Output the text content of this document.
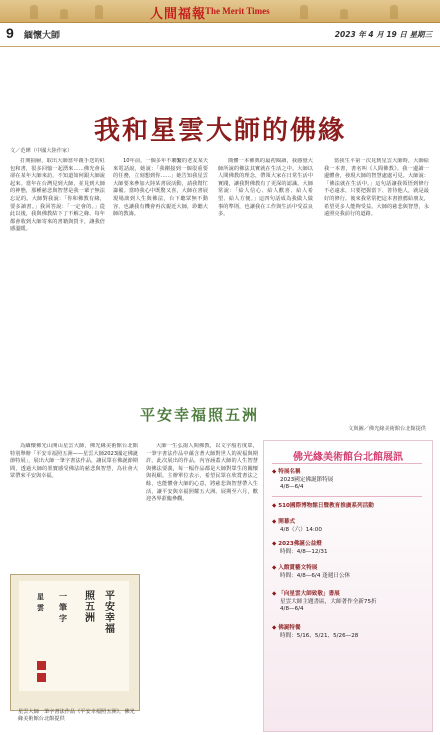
人間福報
The Merit Times
9 緬懷大師	2023 年 4 月 19 日 星期三
我和星雲大師的佛緣
文／范曄（中國大陸作家）

打開抽屜，取出大師當年親手送的紅包和書，很多回憶一起湧來……佛光會長卻在某年大師來訪，不知道如何跟大師說起來。當年在台灣見到大師，並見到大師的神態，那種慈悲與智慧是我一輩子無法忘記的。大師對我說：「你和佛教有緣，要多讀書。」我回答說：「一定會的。」從此以後，我與佛教結下了不解之緣，每年都會收到大師寄來的書籍與賀卡，讓我倍感溫暖。

10年前，一個多年不聯繫的老友某天來電話說，她說：「我剛接到一個很重要的任務，立刻想到你……」她告知我星雲大師要來參加大陸某書展活動，請我幫忙籌備。當時我心中既驚又喜，大師在書展現場談到人生與佛法，台下聽眾無不動容，也讓我有機會再次親近大師，聆聽大師的教誨。

簡體一本佛典的最初閱讀，我感覺大師所說的佛法其實就在生活之中。大師以人間佛教的理念，帶領大家在日常生活中實踐，讓我對佛教有了更深的認識。大師常說：「給人信心、給人歡喜、給人希望、給人方便。」這四句話成為我做人做事的準則，也讓我在工作與生活中受益良多。

當我生平第一次見到星雲大師時，大師給我一本書，書名叫《人間佛教》。我一邊讀一邊體會，發現大師的智慧處處可見。大師說：「佛法就在生活中。」這句話讓我領悟到修行不必遠求，只要把握當下、善待他人，就是最好的修行。後來我常常把這本書推薦給朋友，希望更多人能夠受益。大師的慈悲與智慧，永遠照亮我前行的道路。

平安幸福照五洲
文與圖／佛光緣美術館台北館提供

為緬懷佛光山開山星雲大師，佛光緣美術館台北館特別舉辦「平安幸福照五洲——星雲大師2023國定佛誕節特展」，展出大師一筆字書法作品，讓民眾在佛誕節期間，透過大師的墨寶感受佛法的慈悲與智慧，為社會大眾帶來平安與幸福。

大師一生弘揚人間佛教，以文字般若度眾，一筆字書法作品中蘊含著大師對世人的祝福與期許。此次展出的作品，內容涵蓋大師的人生智慧與佛法要義，每一幅作品都是大師對眾生的關懷與祝願。主辦單位表示，希望民眾在欣賞書法之餘，也能體會大師的心意，將慈悲與智慧帶入生活，讓平安與幸福照耀五大洲。展期至六月，歡迎各界蒞臨參觀。

平安幸福
照五洲
一筆字
星雲
星雲大師一筆字書法作品《平安幸福照五洲》，佛光緣美術館台北館提供
佛光緣美術館台北館展訊
◆ 特展名稱
2023國定佛誕節特展
4/8—6/4
◆ 510國際博物館日暨教育推廣系列活動
◆ 開幕式
4/8（六）14:00
◆ 2023佛誕公益燈
時間：4/8—12/31
◆ 入館賞藝文特展
時間：4/8—6/4 逢週日公休
◆ 「向星雲大師致敬」書展
星雲大師主題書區，大師著作全新75折
4/8—6/4
◆ 佛誕特餐
時間：5/16、5/21、5/26—28
